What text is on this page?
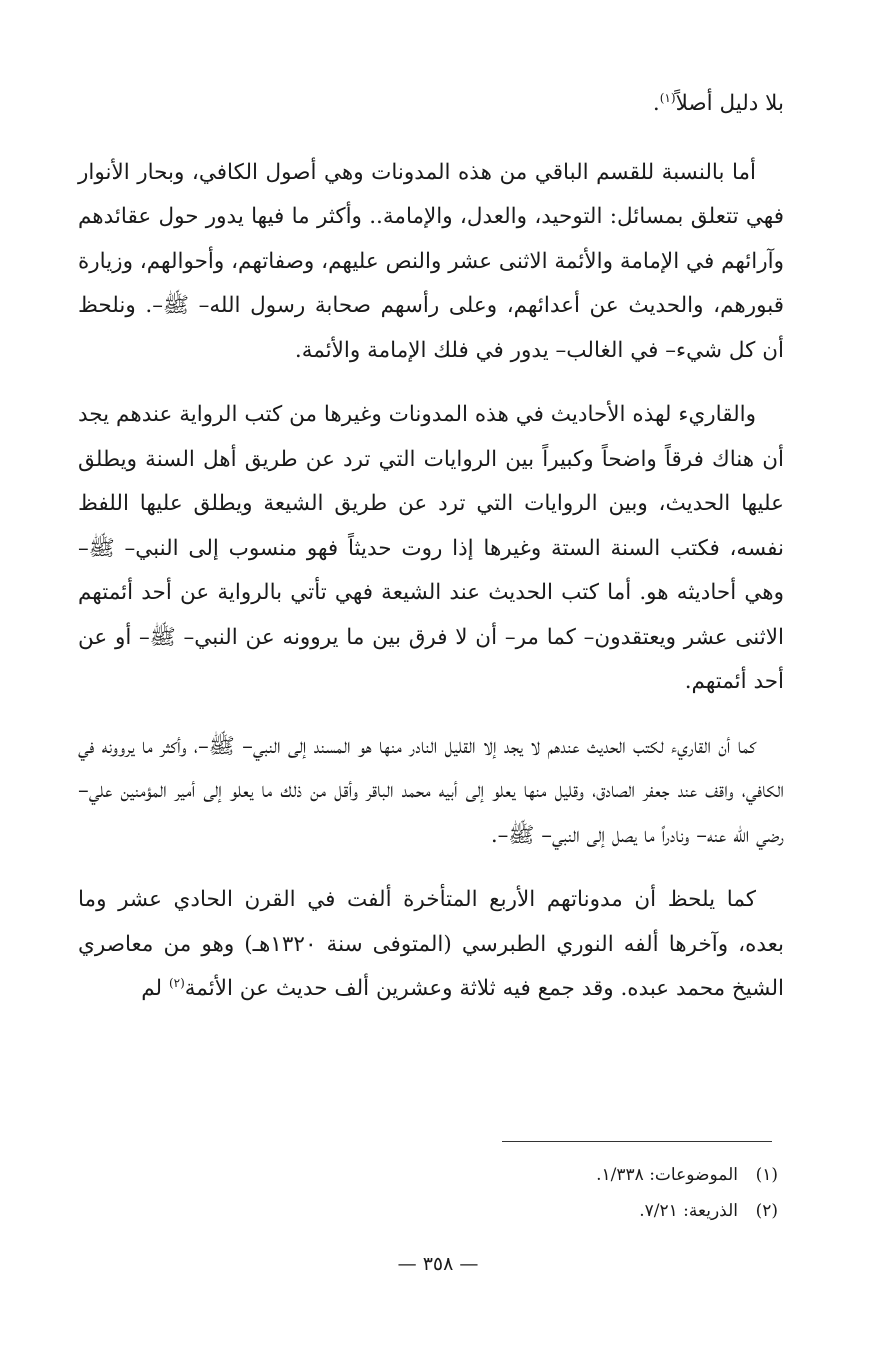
بلا دليل أصلاً$^{(١)}$.

أما بالنسبة للقسم الباقي من هذه المدونات وهي أصول الكافي، وبحار الأنوار فهي تتعلق بمسائل: التوحيد، والعدل، والإمامة.. وأكثر ما فيها يدور حول عقائدهم وآرائهم في الإمامة والأئمة الاثنى عشر والنص عليهم، وصفاتهم، وأحوالهم، وزيارة قبورهم، والحديث عن أعدائهم، وعلى رأسهم صحابة رسول الله– ﷺ–. ونلحظ أن كل شيء– في الغالب– يدور في فلك الإمامة والأئمة.

والقاريء لهذه الأحاديث في هذه المدونات وغيرها من كتب الرواية عندهم يجد أن هناك فرقاً واضحاً وكبيراً بين الروايات التي ترد عن طريق أهل السنة ويطلق عليها الحديث، وبين الروايات التي ترد عن طريق الشيعة ويطلق عليها اللفظ نفسه، فكتب السنة الستة وغيرها إذا روت حديثاً فهو منسوب إلى النبي– ﷺ– وهي أحاديثه هو. أما كتب الحديث عند الشيعة فهي تأتي بالرواية عن أحد أئمتهم الاثنى عشر ويعتقدون– كما مر– أن لا فرق بين ما يروونه عن النبي– ﷺ– أو عن أحد أئمتهم.

كما أن القاريء لكتب الحديث عندهم لا يجد إلا القليل النادر منها هو المسند إلى النبي– ﷺ–، وأكثر ما يروونه في الكافي، واقف عند جعفر الصادق، وقليل منها يعلو إلى أبيه محمد الباقر وأقل من ذلك ما يعلو إلى أمير المؤمنين علي– رضي الله عنه– ونادراً ما يصل إلى النبي– ﷺ–.

كما يلحظ أن مدوناتهم الأربع المتأخرة ألفت في القرن الحادي عشر وما بعده، وآخرها ألفه النوري الطبرسي (المتوفى سنة ١٣٢٠هـ) وهو من معاصري الشيخ محمد عبده. وقد جمع فيه ثلاثة وعشرين ألف حديث عن الأئمة$^{(٢)}$ لم

(١)الموضوعات: ١/٣٣٨.

(٢)الذريعة: ٧/٢١.

— ٣٥٨ —
